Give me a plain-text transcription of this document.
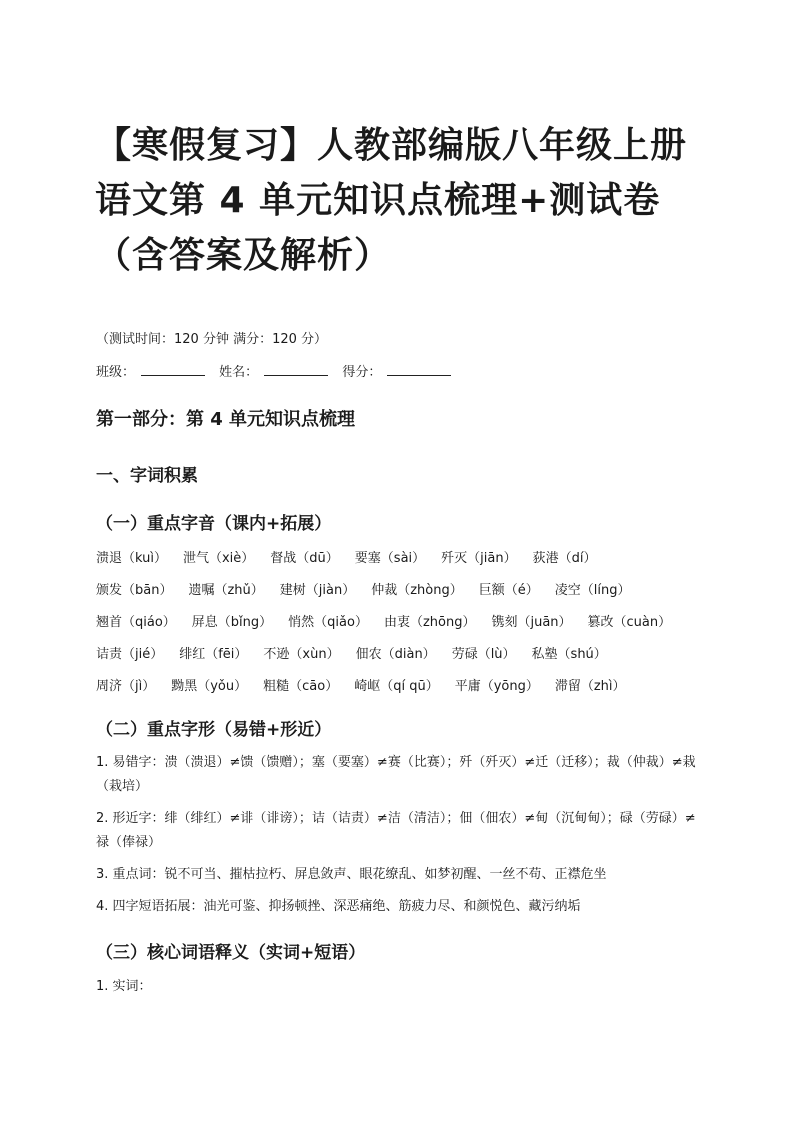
【寒假复习】人教部编版八年级上册语文第 4 单元知识点梳理+测试卷（含答案及解析）
（测试时间：120 分钟 满分：120 分）
班级：	姓名：	得分：
第一部分：第 4 单元知识点梳理
一、字词积累
（一）重点字音（课内+拓展）
溃退（kuì） 泄气（xiè） 督战（dū） 要塞（sài） 歼灭（jiān） 荻港（dí）
颁发（bān） 遗嘱（zhǔ） 建树（jiàn） 仲裁（zhòng） 巨额（é） 凌空（líng）
翘首（qiáo） 屏息（bǐng） 悄然（qiǎo） 由衷（zhōng） 镌刻（juān） 篡改（cuàn）
诘责（jié） 绯红（fēi） 不逊（xùn） 佃农（diàn） 劳碌（lù） 私塾（shú）
周济（jì） 黝黑（yǒu） 粗糙（cāo） 崎岖（qí qū） 平庸（yōng） 滞留（zhì）
（二）重点字形（易错+形近）
1. 易错字：溃（溃退）≠馈（馈赠）；塞（要塞）≠赛（比赛）；歼（歼灭）≠迁（迁移）；裁（仲裁）≠栽（栽培）
2. 形近字：绯（绯红）≠诽（诽谤）；诘（诘责）≠洁（清洁）；佃（佃农）≠甸（沉甸甸）；碌（劳碌）≠禄（俸禄）
3. 重点词：锐不可当、摧枯拉朽、屏息敛声、眼花缭乱、如梦初醒、一丝不苟、正襟危坐
4. 四字短语拓展：油光可鉴、抑扬顿挫、深恶痛绝、筋疲力尽、和颜悦色、藏污纳垢
（三）核心词语释义（实词+短语）
1. 实词：
